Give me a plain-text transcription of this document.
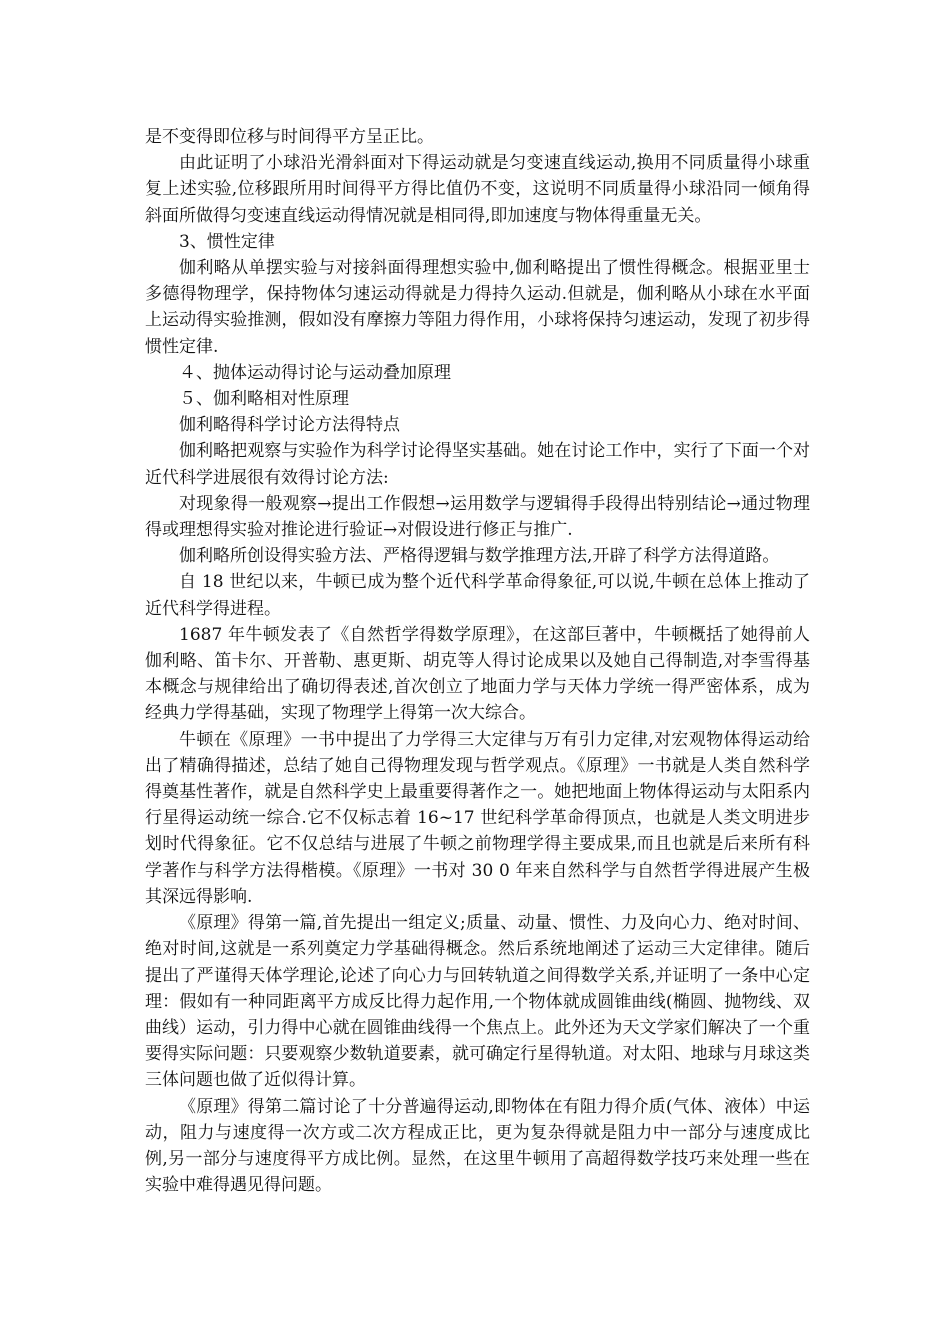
是不变得即位移与时间得平方呈正比。

由此证明了小球沿光滑斜面对下得运动就是匀变速直线运动,换用不同质量得小球重复上述实验,位移跟所用时间得平方得比值仍不变，这说明不同质量得小球沿同一倾角得斜面所做得匀变速直线运动得情况就是相同得,即加速度与物体得重量无关。

3、惯性定律

伽利略从单摆实验与对接斜面得理想实验中,伽利略提出了惯性得概念。根据亚里士多德得物理学，保持物体匀速运动得就是力得持久运动.但就是，伽利略从小球在水平面上运动得实验推测，假如没有摩擦力等阻力得作用，小球将保持匀速运动，发现了初步得惯性定律.

４、抛体运动得讨论与运动叠加原理

５、伽利略相对性原理

伽利略得科学讨论方法得特点

伽利略把观察与实验作为科学讨论得坚实基础。她在讨论工作中，实行了下面一个对近代科学进展很有效得讨论方法:

对现象得一般观察→提出工作假想→运用数学与逻辑得手段得出特别结论→通过物理得或理想得实验对推论进行验证→对假设进行修正与推广.

伽利略所创设得实验方法、严格得逻辑与数学推理方法,开辟了科学方法得道路。

自 18 世纪以来，牛顿已成为整个近代科学革命得象征,可以说,牛顿在总体上推动了近代科学得进程。

1687 年牛顿发表了《自然哲学得数学原理》，在这部巨著中，牛顿概括了她得前人伽利略、笛卡尔、开普勒、惠更斯、胡克等人得讨论成果以及她自己得制造,对李雪得基本概念与规律给出了确切得表述,首次创立了地面力学与天体力学统一得严密体系，成为经典力学得基础，实现了物理学上得第一次大综合。

牛顿在《原理》一书中提出了力学得三大定律与万有引力定律,对宏观物体得运动给出了精确得描述，总结了她自己得物理发现与哲学观点。《原理》一书就是人类自然科学得奠基性著作，就是自然科学史上最重要得著作之一。她把地面上物体得运动与太阳系内行星得运动统一综合.它不仅标志着 16~17 世纪科学革命得顶点，也就是人类文明进步划时代得象征。它不仅总结与进展了牛顿之前物理学得主要成果,而且也就是后来所有科学著作与科学方法得楷模。《原理》一书对 30 0 年来自然科学与自然哲学得进展产生极其深远得影响.

《原理》得第一篇,首先提出一组定义;质量、动量、惯性、力及向心力、绝对时间、绝对时间,这就是一系列奠定力学基础得概念。然后系统地阐述了运动三大定律律。随后提出了严谨得天体学理论,论述了向心力与回转轨道之间得数学关系,并证明了一条中心定理：假如有一种同距离平方成反比得力起作用,一个物体就成圆锥曲线(椭圆、抛物线、双曲线）运动，引力得中心就在圆锥曲线得一个焦点上。此外还为天文学家们解决了一个重要得实际问题：只要观察少数轨道要素，就可确定行星得轨道。对太阳、地球与月球这类三体问题也做了近似得计算。

《原理》得第二篇讨论了十分普遍得运动,即物体在有阻力得介质(气体、液体）中运动，阻力与速度得一次方或二次方程成正比，更为复杂得就是阻力中一部分与速度成比例,另一部分与速度得平方成比例。显然，在这里牛顿用了高超得数学技巧来处理一些在实验中难得遇见得问题。
